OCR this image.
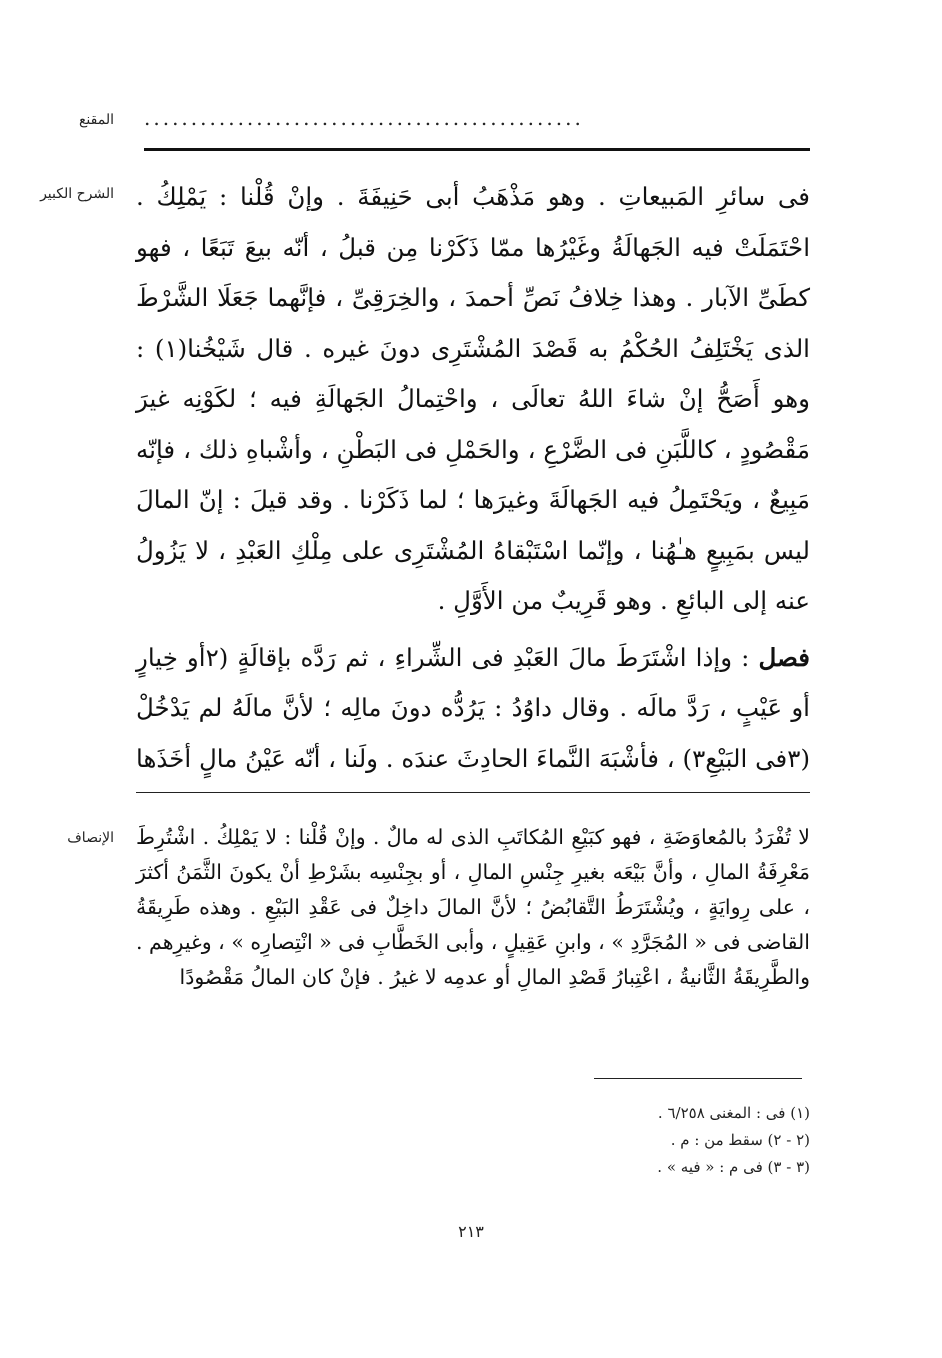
المقنع ...............................................
الشرح الكبير فى سائرِ المَبيعاتِ . وهو مَذْهَبُ أبى حَنِيفَةَ . وإنْ قُلْنا : يَمْلِكُ . احْتَمَلَتْ فيه الجَهالَةُ وغَيْرُها ممّا ذَكَرْنا مِن قبلُ ، أنّه بيعَ تَبَعًا ، فهو كطَىِّ الآبار . وهذا خِلافُ نَصِّ أحمدَ ، والخِرَقِىِّ ، فإنَّهما جَعَلَا الشَّرْطَ الذى يَخْتَلِفُ الحُكْمُ به قَصْدَ المُشْتَرِى دونَ غيره . قال شَيْخُنا(١) : وهو أَصَحُّ إنْ شاءَ اللهُ تعالَى ، واحْتِمالُ الجَهالَةِ فيه ؛ لكَوْنِه غيرَ مَقْصُودٍ ، كاللَّبَنِ فى الضَّرْعِ ، والحَمْلِ فى البَطْنِ ، وأشْباهِ ذلك ، فإنّه مَبِيعٌ ، ويَحْتَمِلُ فيه الجَهالَةَ وغيرَها ؛ لما ذَكَرْنا . وقد قيلَ : إنّ المالَ ليس بمَبِيعٍ هـٰهُنا ، وإنّما اسْتَبْقاهُ المُشْتَرِى على مِلْكِ العَبْدِ ، لا يَزُولُ عنه إلى البائعِ . وهو قَرِيبٌ من الأَوَّلِ .

فصل : وإذا اشْتَرَطَ مالَ العَبْدِ فى الشِّراءِ ، ثم رَدَّه بإقالَةٍ (٢أو خِيارٍ أو عَيْبٍ ، رَدَّ مالَه . وقال داوُدُ : يَرُدُّه دونَ مالِه ؛ لأنَّ مالَهُ لم يَدْخُلْ (٣فى البَيْعِ٣) ، فأشْبَهَ النَّماءَ الحادِثَ عندَه . ولَنا ، أنّه عَيْنُ مالٍ أخَذَها

الإنصاف لا تُفْرَدُ بالمُعاوَضَةِ ، فهو كبَيْعِ المُكاتَبِ الذى له مالٌ . وإنْ قُلْنا : لا يَمْلِكُ . اشْتُرِطَ مَعْرِفَةُ المالِ ، وأنَّ بَيْعَه بغيرِ جِنْسِ المالِ ، أو بجِنْسِه بشَرْطِ أنْ يكونَ الثَّمَنُ أكثرَ ، على رِوايَةٍ ، ويُشْتَرَطُ التَّقابُضُ ؛ لأنَّ المالَ داخِلٌ فى عَقْدِ البَيْعِ . وهذه طَرِيقَةُ القاضى فى « المُجَرَّدِ » ، وابنِ عَقِيلٍ ، وأبى الخَطَّابِ فى « انْتِصارِه » ، وغيرِهم . والطَّرِيقَةُ الثَّانيةُ ، اعْتِبارُ قَصْدِ المالِ أو عدمِه لا غيرُ . فإنْ كان المالُ مَقْصُودًا

(١) فى : المغنى ٦/٢٥٨ .
(٢ - ٢) سقط من : م .
(٣ - ٣) فى م : « فيه » .
٢١٣
